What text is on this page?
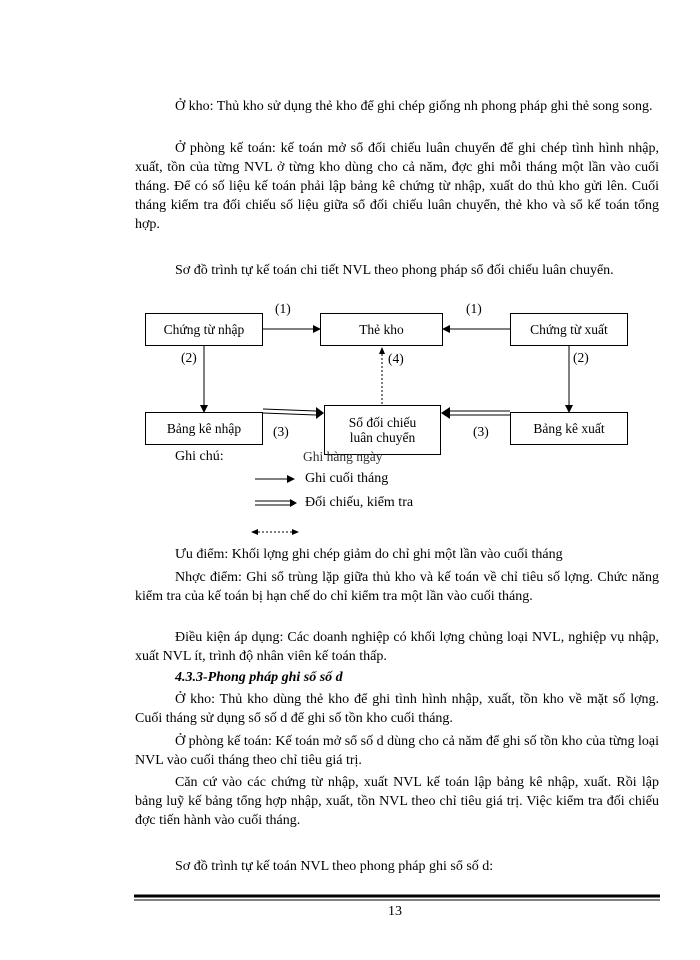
Ở kho: Thủ kho sử dụng thẻ kho để ghi chép giống nh phong pháp ghi thẻ song song.

Ở phòng kế toán: kế toán mở sổ đối chiếu luân chuyển để ghi chép tình hình nhập, xuất, tồn của từng NVL ở từng kho dùng cho cả năm, đợc ghi mỗi tháng một lần vào cuối tháng. Để có số liệu kế toán phải lập bảng kê chứng từ nhập, xuất do thủ kho gửi lên. Cuối tháng kiểm tra đối chiếu số liệu giữa sổ đối chiếu luân chuyển, thẻ kho và sổ kế toán tổng hợp.

Sơ đồ trình tự kế toán chi tiết NVL theo phong pháp sổ đối chiếu luân chuyển.

Chứng từ nhập	Thẻ kho	Chứng từ xuất
Bảng kê nhập	Sổ đối chiếu
luân chuyển
Bảng kê xuất
(1)	(1)
(2)	(2)
(4)
(3)	(3)
Ghi chú:	Ghi hàng ngày
Ghi cuối tháng
Đối chiếu, kiểm tra

Ưu điểm: Khối lợng ghi chép giảm do chỉ ghi một lần vào cuối tháng

Nhợc điểm: Ghi sổ trùng lặp giữa thủ kho và kế toán về chỉ tiêu số lợng. Chức năng kiểm tra của kế toán bị hạn chế do chỉ kiểm tra một lần vào cuối tháng.

Điều kiện áp dụng: Các doanh nghiệp có khối lợng chủng loại NVL, nghiệp vụ nhập, xuất NVL ít, trình độ nhân viên kế toán thấp.

4.3.3-Phong pháp ghi sổ số d

Ở kho: Thủ kho dùng thẻ kho để ghi tình hình nhập, xuất, tồn kho về mặt số lợng. Cuối tháng sử dụng sổ số d để ghi số tồn kho cuối tháng.

Ở phòng kế toán: Kế toán mở sổ số d dùng cho cả năm để ghi số tồn kho của từng loại NVL vào cuối tháng theo chỉ tiêu giá trị.

Căn cứ vào các chứng từ nhập, xuất NVL kế toán lập bảng kê nhập, xuất. Rồi lập bảng luỹ kế bảng tổng hợp nhập, xuất, tồn NVL theo chỉ tiêu giá trị. Việc kiểm tra đối chiếu đợc tiến hành vào cuối tháng.

Sơ đồ trình tự kế toán NVL theo phong pháp ghi sổ số d:

13
